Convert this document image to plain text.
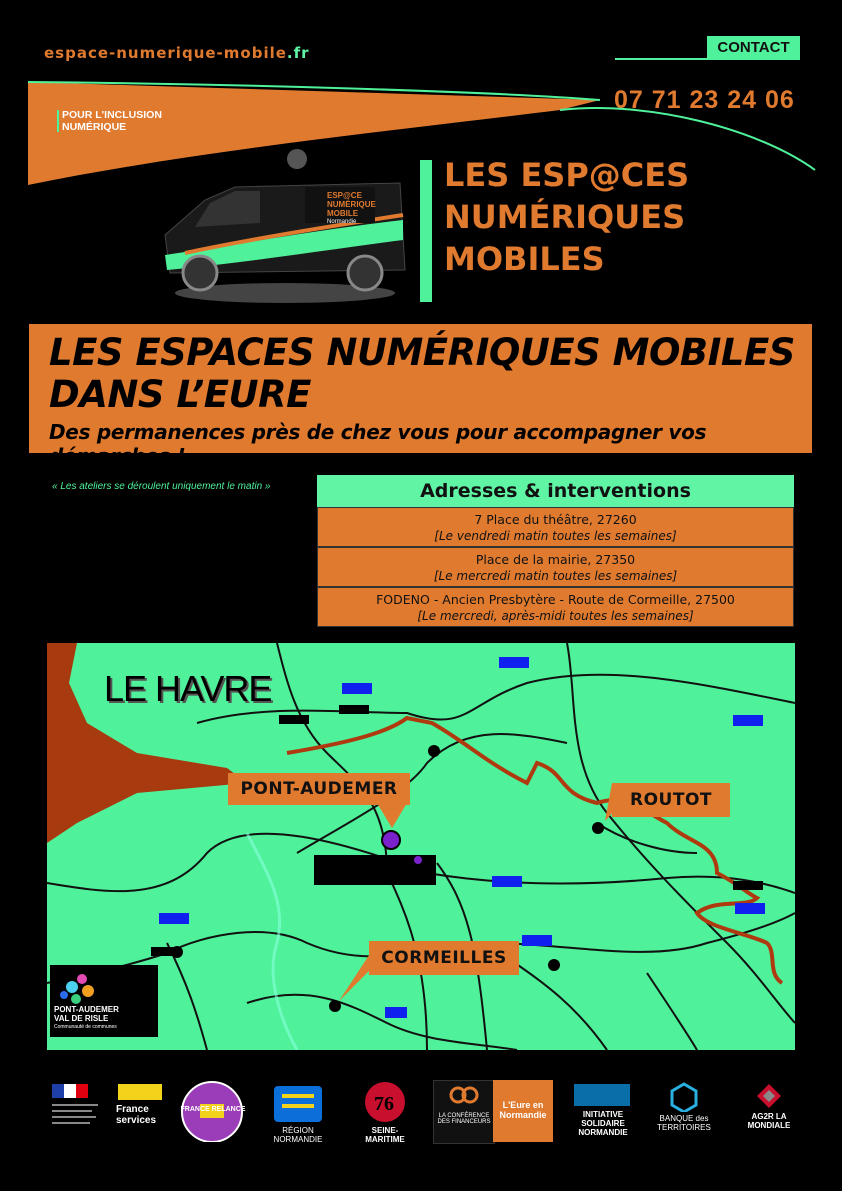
espace-numerique-mobile.fr	CONTACT
07 71 23 24 06
POUR L'INCLUSION
NUMÉRIQUE
ESP@CE
NUMÉRIQUE
MOBILE
Normandie
LES ESP@CES
NUMÉRIQUES
MOBILES
LES ESPACES NUMÉRIQUES MOBILES
DANS L’EURE
Des permanences près de chez vous pour accompagner vos démarches !
« Les ateliers se déroulent uniquement le matin »	Adresses & interventions
7 Place du théâtre, 27260
[Le vendredi matin toutes les semaines]
Place de la mairie, 27350
[Le mercredi matin toutes les semaines]
FODENO - Ancien Presbytère - Route de Cormeille, 27500
[Le mercredi, après-midi toutes les semaines]
LE HAVRE
PONT-AUDEMER
ROUTOT
CORMEILLES
PONT-AUDEMER
VAL DE RISLE
Communauté de communes
France services
FRANCE RELANCE
RÉGION NORMANDIE
76
SEINE-MARITIME
LA CONFÉRENCE DES FINANCEURS
L'Eure en Normandie	INITIATIVE SOLIDAIRE NORMANDIE
BANQUE des TERRITOIRES
AG2R LA MONDIALE
